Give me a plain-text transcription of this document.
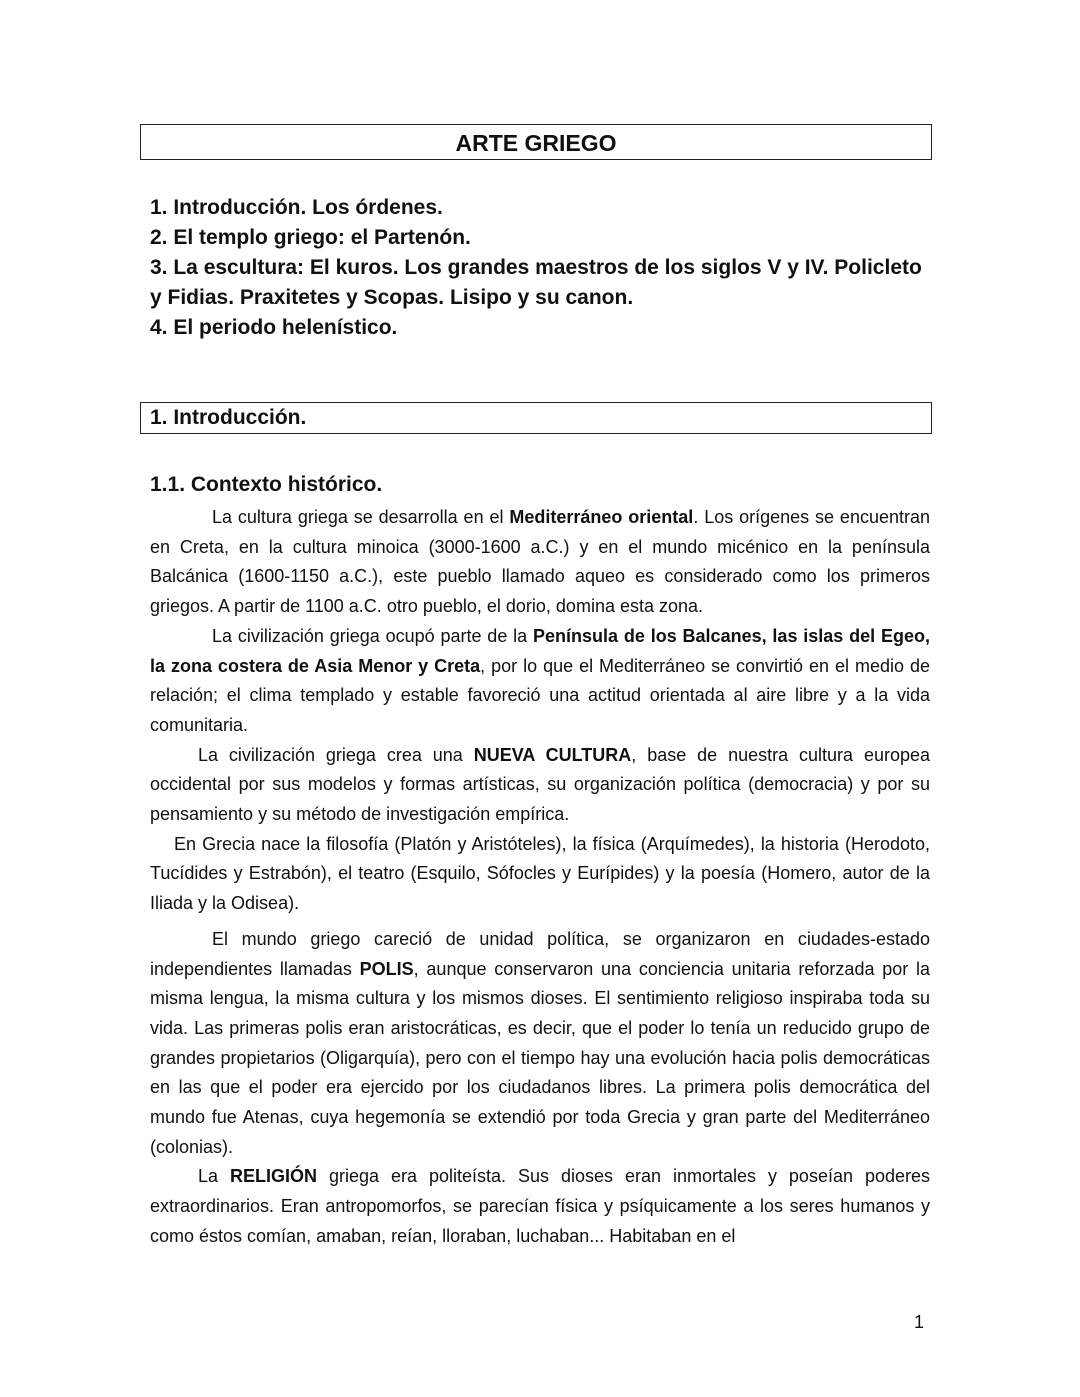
ARTE GRIEGO
1. Introducción. Los órdenes.
2. El templo griego: el Partenón.
3. La escultura: El kuros. Los grandes maestros de los siglos V y IV. Policleto y Fidias. Praxitetes y Scopas. Lisipo y su canon.
4. El periodo helenístico.
1. Introducción.
1.1. Contexto histórico.

La cultura griega se desarrolla en el Mediterráneo oriental. Los orígenes se encuentran en Creta, en la cultura minoica (3000-1600 a.C.) y en el mundo micénico en la península Balcánica (1600-1150 a.C.), este pueblo llamado aqueo es considerado como los primeros griegos. A partir de 1100 a.C. otro pueblo, el dorio, domina esta zona.

La civilización griega ocupó parte de la Península de los Balcanes, las islas del Egeo, la zona costera de Asia Menor y Creta, por lo que el Mediterráneo se convirtió en el medio de relación; el clima templado y estable favoreció una actitud orientada al aire libre y a la vida comunitaria.

La civilización griega crea una NUEVA CULTURA, base de nuestra cultura europea occidental por sus modelos y formas artísticas, su organización política (democracia) y por su pensamiento y su método de investigación empírica.

En Grecia nace la filosofía (Platón y Aristóteles), la física (Arquímedes), la historia (Herodoto, Tucídides y Estrabón), el teatro (Esquilo, Sófocles y Eurípides) y la poesía (Homero, autor de la Iliada y la Odisea).

El mundo griego careció de unidad política, se organizaron en ciudades-estado independientes llamadas POLIS, aunque conservaron una conciencia unitaria reforzada por la misma lengua, la misma cultura y los mismos dioses. El sentimiento religioso inspiraba toda su vida. Las primeras polis eran aristocráticas, es decir, que el poder lo tenía un reducido grupo de grandes propietarios (Oligarquía), pero con el tiempo hay una evolución hacia polis democráticas en las que el poder era ejercido por los ciudadanos libres. La primera polis democrática del mundo fue Atenas, cuya hegemonía se extendió por toda Grecia y gran parte del Mediterráneo (colonias).

La RELIGIÓN griega era politeísta. Sus dioses eran inmortales y poseían poderes extraordinarios. Eran antropomorfos, se parecían física y psíquicamente a los seres humanos y como éstos comían, amaban, reían, lloraban, luchaban... Habitaban en el

1
